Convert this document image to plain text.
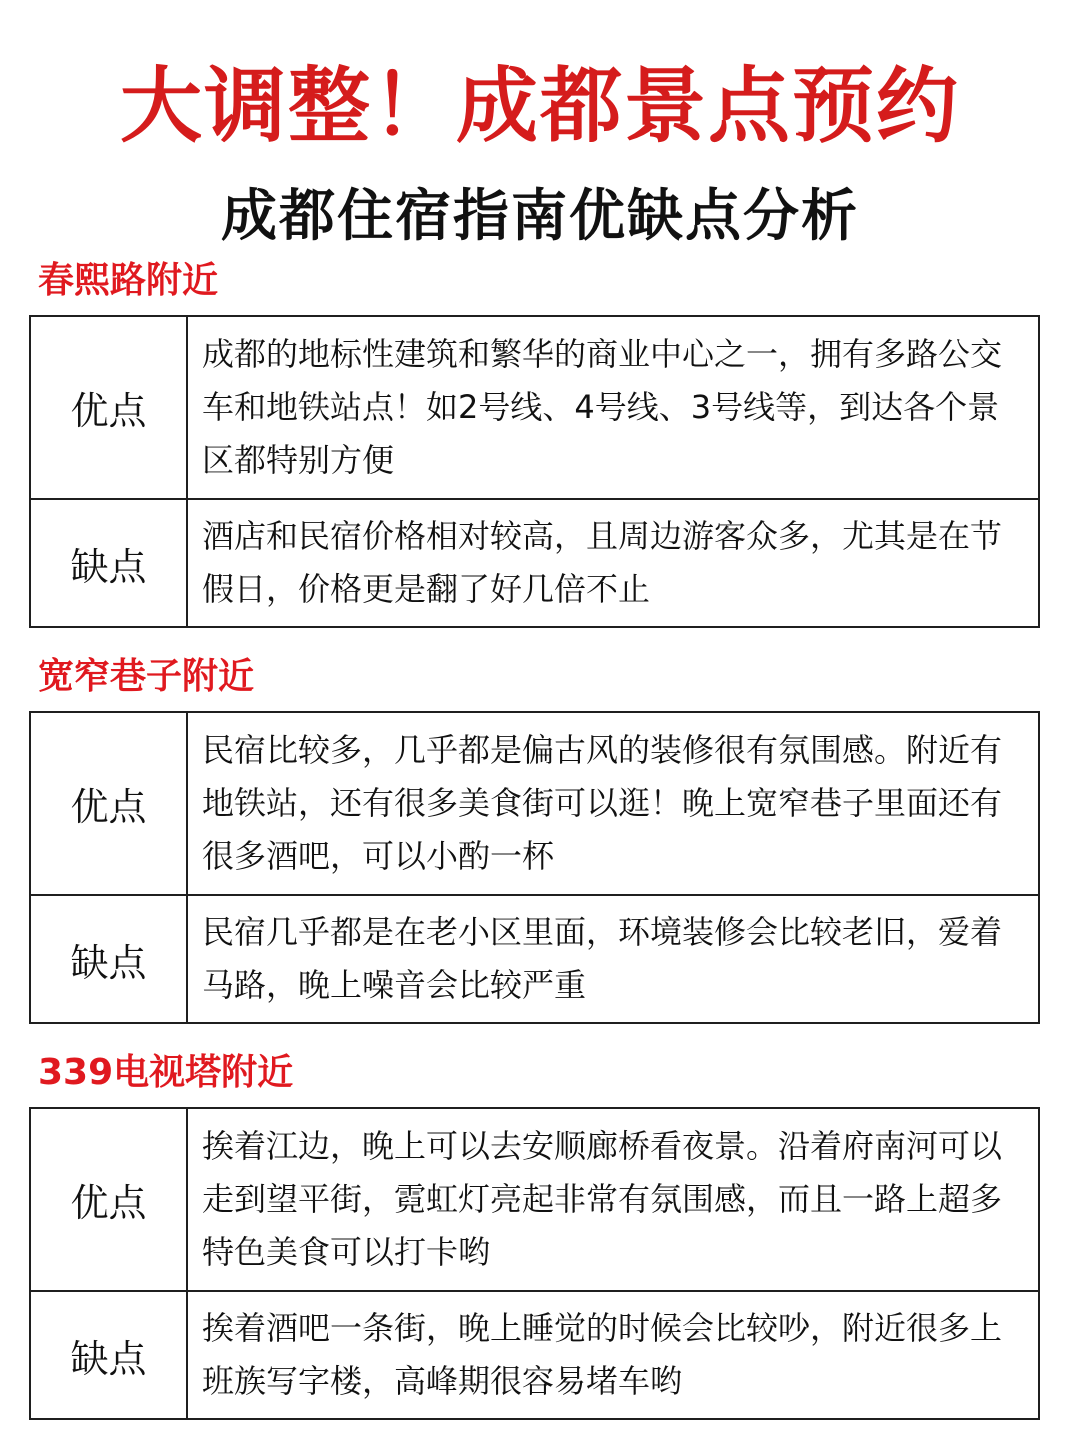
大调整！成都景点预约
成都住宿指南优缺点分析
春熙路附近
优点	成都的地标性建筑和繁华的商业中心之一，拥有多路公交车和地铁站点！如2号线、4号线、3号线等，到达各个景区都特别方便
缺点	酒店和民宿价格相对较高，且周边游客众多，尤其是在节假日，价格更是翻了好几倍不止
宽窄巷子附近
优点	民宿比较多，几乎都是偏古风的装修很有氛围感。附近有地铁站，还有很多美食街可以逛！晚上宽窄巷子里面还有很多酒吧，可以小酌一杯
缺点	民宿几乎都是在老小区里面，环境装修会比较老旧，爱着马路，晚上噪音会比较严重
339电视塔附近
优点	挨着江边，晚上可以去安顺廊桥看夜景。沿着府南河可以走到望平街，霓虹灯亮起非常有氛围感，而且一路上超多特色美食可以打卡哟
缺点	挨着酒吧一条街，晚上睡觉的时候会比较吵，附近很多上班族写字楼，高峰期很容易堵车哟
